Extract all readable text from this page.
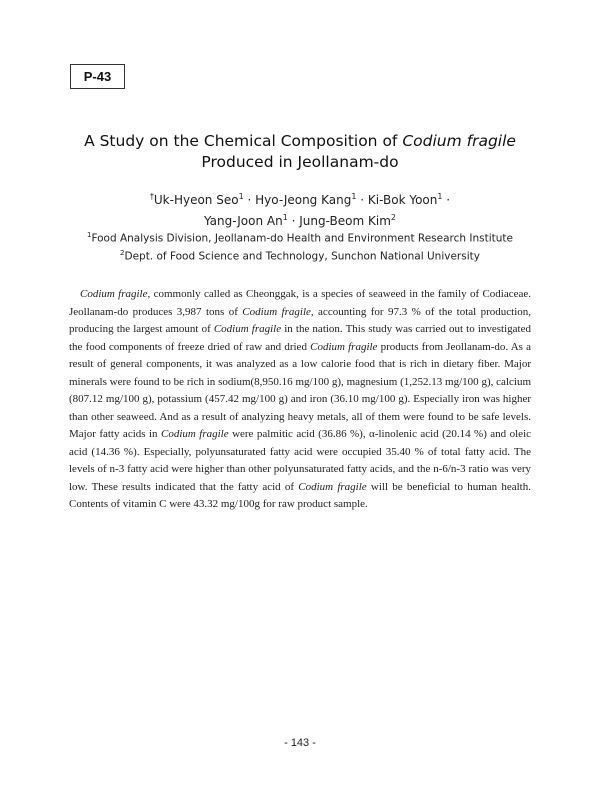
P-43
A Study on the Chemical Composition of Codium fragile
Produced in Jeollanam-do
†Uk-Hyeon Seo$^1$ · Hyo-Jeong Kang$^1$ · Ki-Bok Yoon$^1$ ·
Yang-Joon $An^1$ · Jung-Beom Kim$^2$
$^1$Food Analysis Division, Jeollanam-do Health and Environment Research Institute
$^2$Dept. of Food Science and Technology, Sunchon National University

Codium fragile, commonly called as Cheonggak, is a species of seaweed in the family of Codiaceae. Jeollanam-do produces 3,987 tons of Codium fragile, accounting for 97.3 % of the total production, producing the largest amount of Codium fragile in the nation. This study was carried out to investigated the food components of freeze dried of raw and dried Codium fragile products from Jeollanam-do. As a result of general components, it was analyzed as a low calorie food that is rich in dietary fiber. Major minerals were found to be rich in sodium(8,950.16 mg/100 g), magnesium (1,252.13 mg/100 g), calcium (807.12 mg/100 g), potassium (457.42 mg/100 g) and iron (36.10 mg/100 g). Especially iron was higher than other seaweed. And as a result of analyzing heavy metals, all of them were found to be safe levels. Major fatty acids in Codium fragile were palmitic acid (36.86 %), α-linolenic acid (20.14 %) and oleic acid (14.36 %). Especially, polyunsaturated fatty acid were occupied 35.40 % of total fatty acid. The levels of n-3 fatty acid were higher than other polyunsaturated fatty acids, and the n-6/n-3 ratio was very low. These results indicated that the fatty acid of Codium fragile will be beneficial to human health. Contents of vitamin C were 43.32 mg/100g for raw product sample.

- 143 -
